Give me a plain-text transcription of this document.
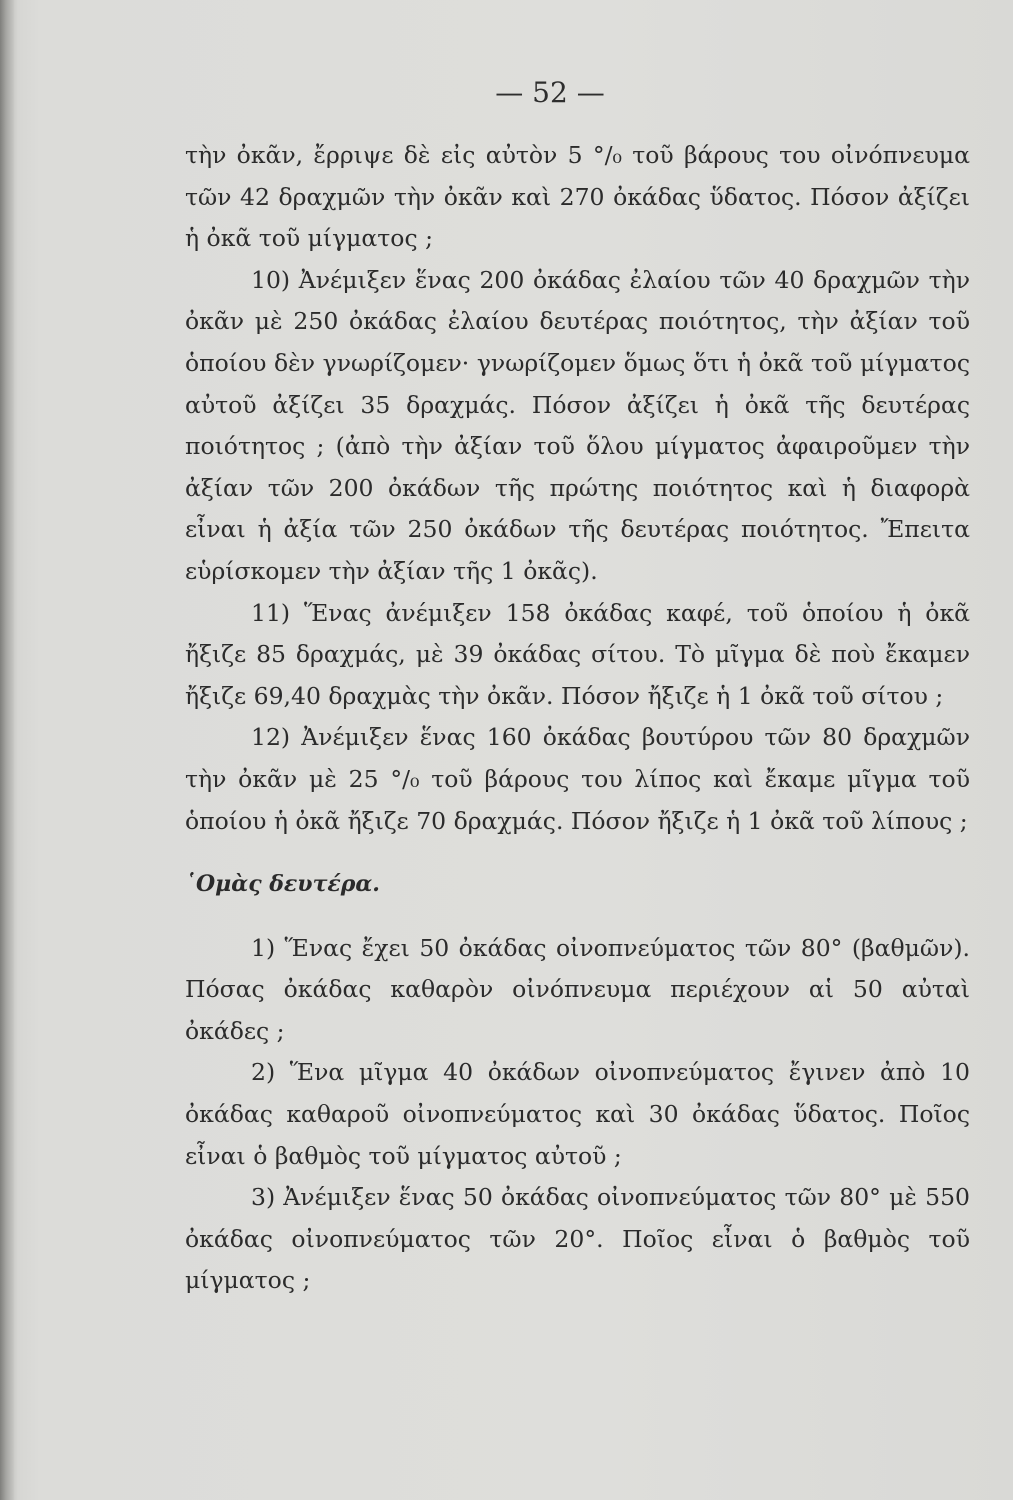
— 52 —

τὴν ὀκᾶν, ἔρριψε δὲ εἰς αὐτὸν 5 °/₀ τοῦ βάρους του οἰνόπνευμα τῶν 42 δραχμῶν τὴν ὀκᾶν καὶ 270 ὀκάδας ὕδατος. Πόσον ἀξίζει ἡ ὀκᾶ τοῦ μίγματος ;

10) Ἀνέμιξεν ἕνας 200 ὀκάδας ἐλαίου τῶν 40 δραχμῶν τὴν ὀκᾶν μὲ 250 ὀκάδας ἐλαίου δευτέρας ποιότητος, τὴν ἀξίαν τοῦ ὁποίου δὲν γνωρίζομεν· γνωρίζομεν ὅμως ὅτι ἡ ὀκᾶ τοῦ μίγματος αὐτοῦ ἀξίζει 35 δραχμάς. Πόσον ἀξίζει ἡ ὀκᾶ τῆς δευτέρας ποιότητος ; (ἀπὸ τὴν ἀξίαν τοῦ ὅλου μίγματος ἀφαιροῦμεν τὴν ἀξίαν τῶν 200 ὀκάδων τῆς πρώτης ποιότητος καὶ ἡ διαφορὰ εἶναι ἡ ἀξία τῶν 250 ὀκάδων τῆς δευτέρας ποιότητος. Ἔπειτα εὑρίσκομεν τὴν ἀξίαν τῆς 1 ὀκᾶς).

11) Ἕνας ἀνέμιξεν 158 ὀκάδας καφέ, τοῦ ὁποίου ἡ ὀκᾶ ἤξιζε 85 δραχμάς, μὲ 39 ὀκάδας σίτου. Τὸ μῖγμα δὲ ποὺ ἔκαμεν ἤξιζε 69,40 δραχμὰς τὴν ὀκᾶν. Πόσον ἤξιζε ἡ 1 ὀκᾶ τοῦ σίτου ;

12) Ἀνέμιξεν ἕνας 160 ὀκάδας βουτύρου τῶν 80 δραχμῶν τὴν ὀκᾶν μὲ 25 °/₀ τοῦ βάρους του λίπος καὶ ἔκαμε μῖγμα τοῦ ὁποίου ἡ ὀκᾶ ἤξιζε 70 δραχμάς. Πόσον ἤξιζε ἡ 1 ὀκᾶ τοῦ λίπους ;

῾Ομὰς δευτέρα.

1) Ἕνας ἔχει 50 ὀκάδας οἰνοπνεύματος τῶν 80° (βαθμῶν). Πόσας ὀκάδας καθαρὸν οἰνόπνευμα περιέχουν αἱ 50 αὐταὶ ὀκάδες ;

2) Ἕνα μῖγμα 40 ὀκάδων οἰνοπνεύματος ἔγινεν ἀπὸ 10 ὀκάδας καθαροῦ οἰνοπνεύματος καὶ 30 ὀκάδας ὕδατος. Ποῖος εἶναι ὁ βαθμὸς τοῦ μίγματος αὐτοῦ ;

3) Ἀνέμιξεν ἕνας 50 ὀκάδας οἰνοπνεύματος τῶν 80° μὲ 550 ὀκάδας οἰνοπνεύματος τῶν 20°. Ποῖος εἶναι ὁ βαθμὸς τοῦ μίγματος ;
